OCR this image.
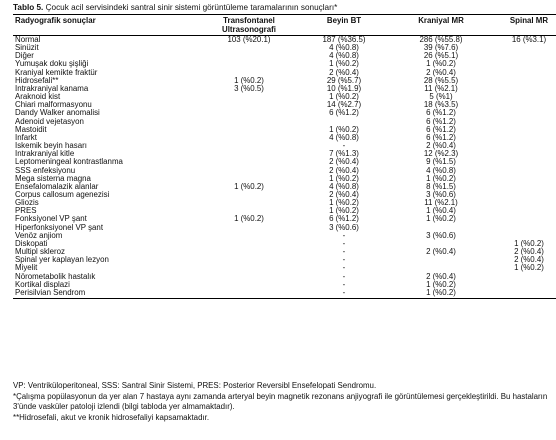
Tablo 5. Çocuk acil servisindeki santral sinir sistemi görüntüleme taramalarının sonuçları*
Radyografik sonuçlar	Transfontanel
Ultrasonografi	Beyin BT	Kraniyal MR	Spinal MR
Normal	103 (%20.1)	187 (%36.5)	286 (%55.8)	16 (%3.1)
Sinüzit		4 (%0.8)	39 (%7.6)	
Diğer		4 (%0.8)	26 (%5.1)	
Yumuşak doku şişliği		1 (%0.2)	1 (%0.2)	
Kraniyal kemikte fraktür		2 (%0.4)	2 (%0.4)	
Hidrosefali**	1 (%0.2)	29 (%5.7)	28 (%5.5)	
İntrakraniyal kanama	3 (%0.5)	10 (%1.9)	11 (%2.1)	
Araknoid kist		1 (%0.2)	5 (%1)	
Chiari malformasyonu		14 (%2.7)	18 (%3.5)	
Dandy Walker anomalisi		6 (%1.2)	6 (%1.2)	
Adenoid vejetasyon			6 (%1.2)	
Mastoidit		1 (%0.2)	6 (%1.2)	
İnfarkt		4 (%0.8)	6 (%1.2)	
İskemik beyin hasarı		-	2 (%0.4)	
İntrakraniyal kitle		7 (%1.3)	12 (%2.3)	
Leptomeningeal kontrastlanma		2 (%0.4)	9 (%1.5)	
SSS enfeksiyonu		2 (%0.4)	4 (%0.8)	
Mega sisterna magna		1 (%0.2)	1 (%0.2)	
Ensefalomalazik alanlar	1 (%0.2)	4 (%0.8)	8 (%1.5)	
Corpus callosum agenezisi		2 (%0.4)	3 (%0.6)	
Gliozis		1 (%0.2)	11 (%2.1)	
PRES		1 (%0.2)	1 (%0.4)	
Fonksiyonel VP şant	1 (%0.2)	6 (%1.2)	1 (%0.2)	
Hiperfonksiyonel VP şant		3 (%0.6)		
Venöz anjiom		-	3 (%0.6)	
Diskopati		-		1 (%0.2)
Multipl skleroz		-	2 (%0.4)	2 (%0.4)
Spinal yer kaplayan lezyon		-		2 (%0.4)
Miyelit		-		1 (%0.2)
Nörometabolik hastalık		-	2 (%0.4)	
Kortikal displazi		-	1 (%0.2)	
Perisilvian Sendrom		-	1 (%0.2)	

VP: Ventriküloperitoneal, SSS: Santral Sinir Sistemi, PRES: Posterior Reversibl Ensefelopati Sendromu.

*Çalışma popülasyonun da yer alan 7 hastaya aynı zamanda arteryal beyin magnetik rezonans anjiyografi ile görüntülemesi gerçekleştirildi. Bu hastaların 3'ünde vasküler patoloji izlendi (bilgi tabloda yer almamaktadır).

**Hidrosefali, akut ve kronik hidrosefaliyi kapsamaktadır.
